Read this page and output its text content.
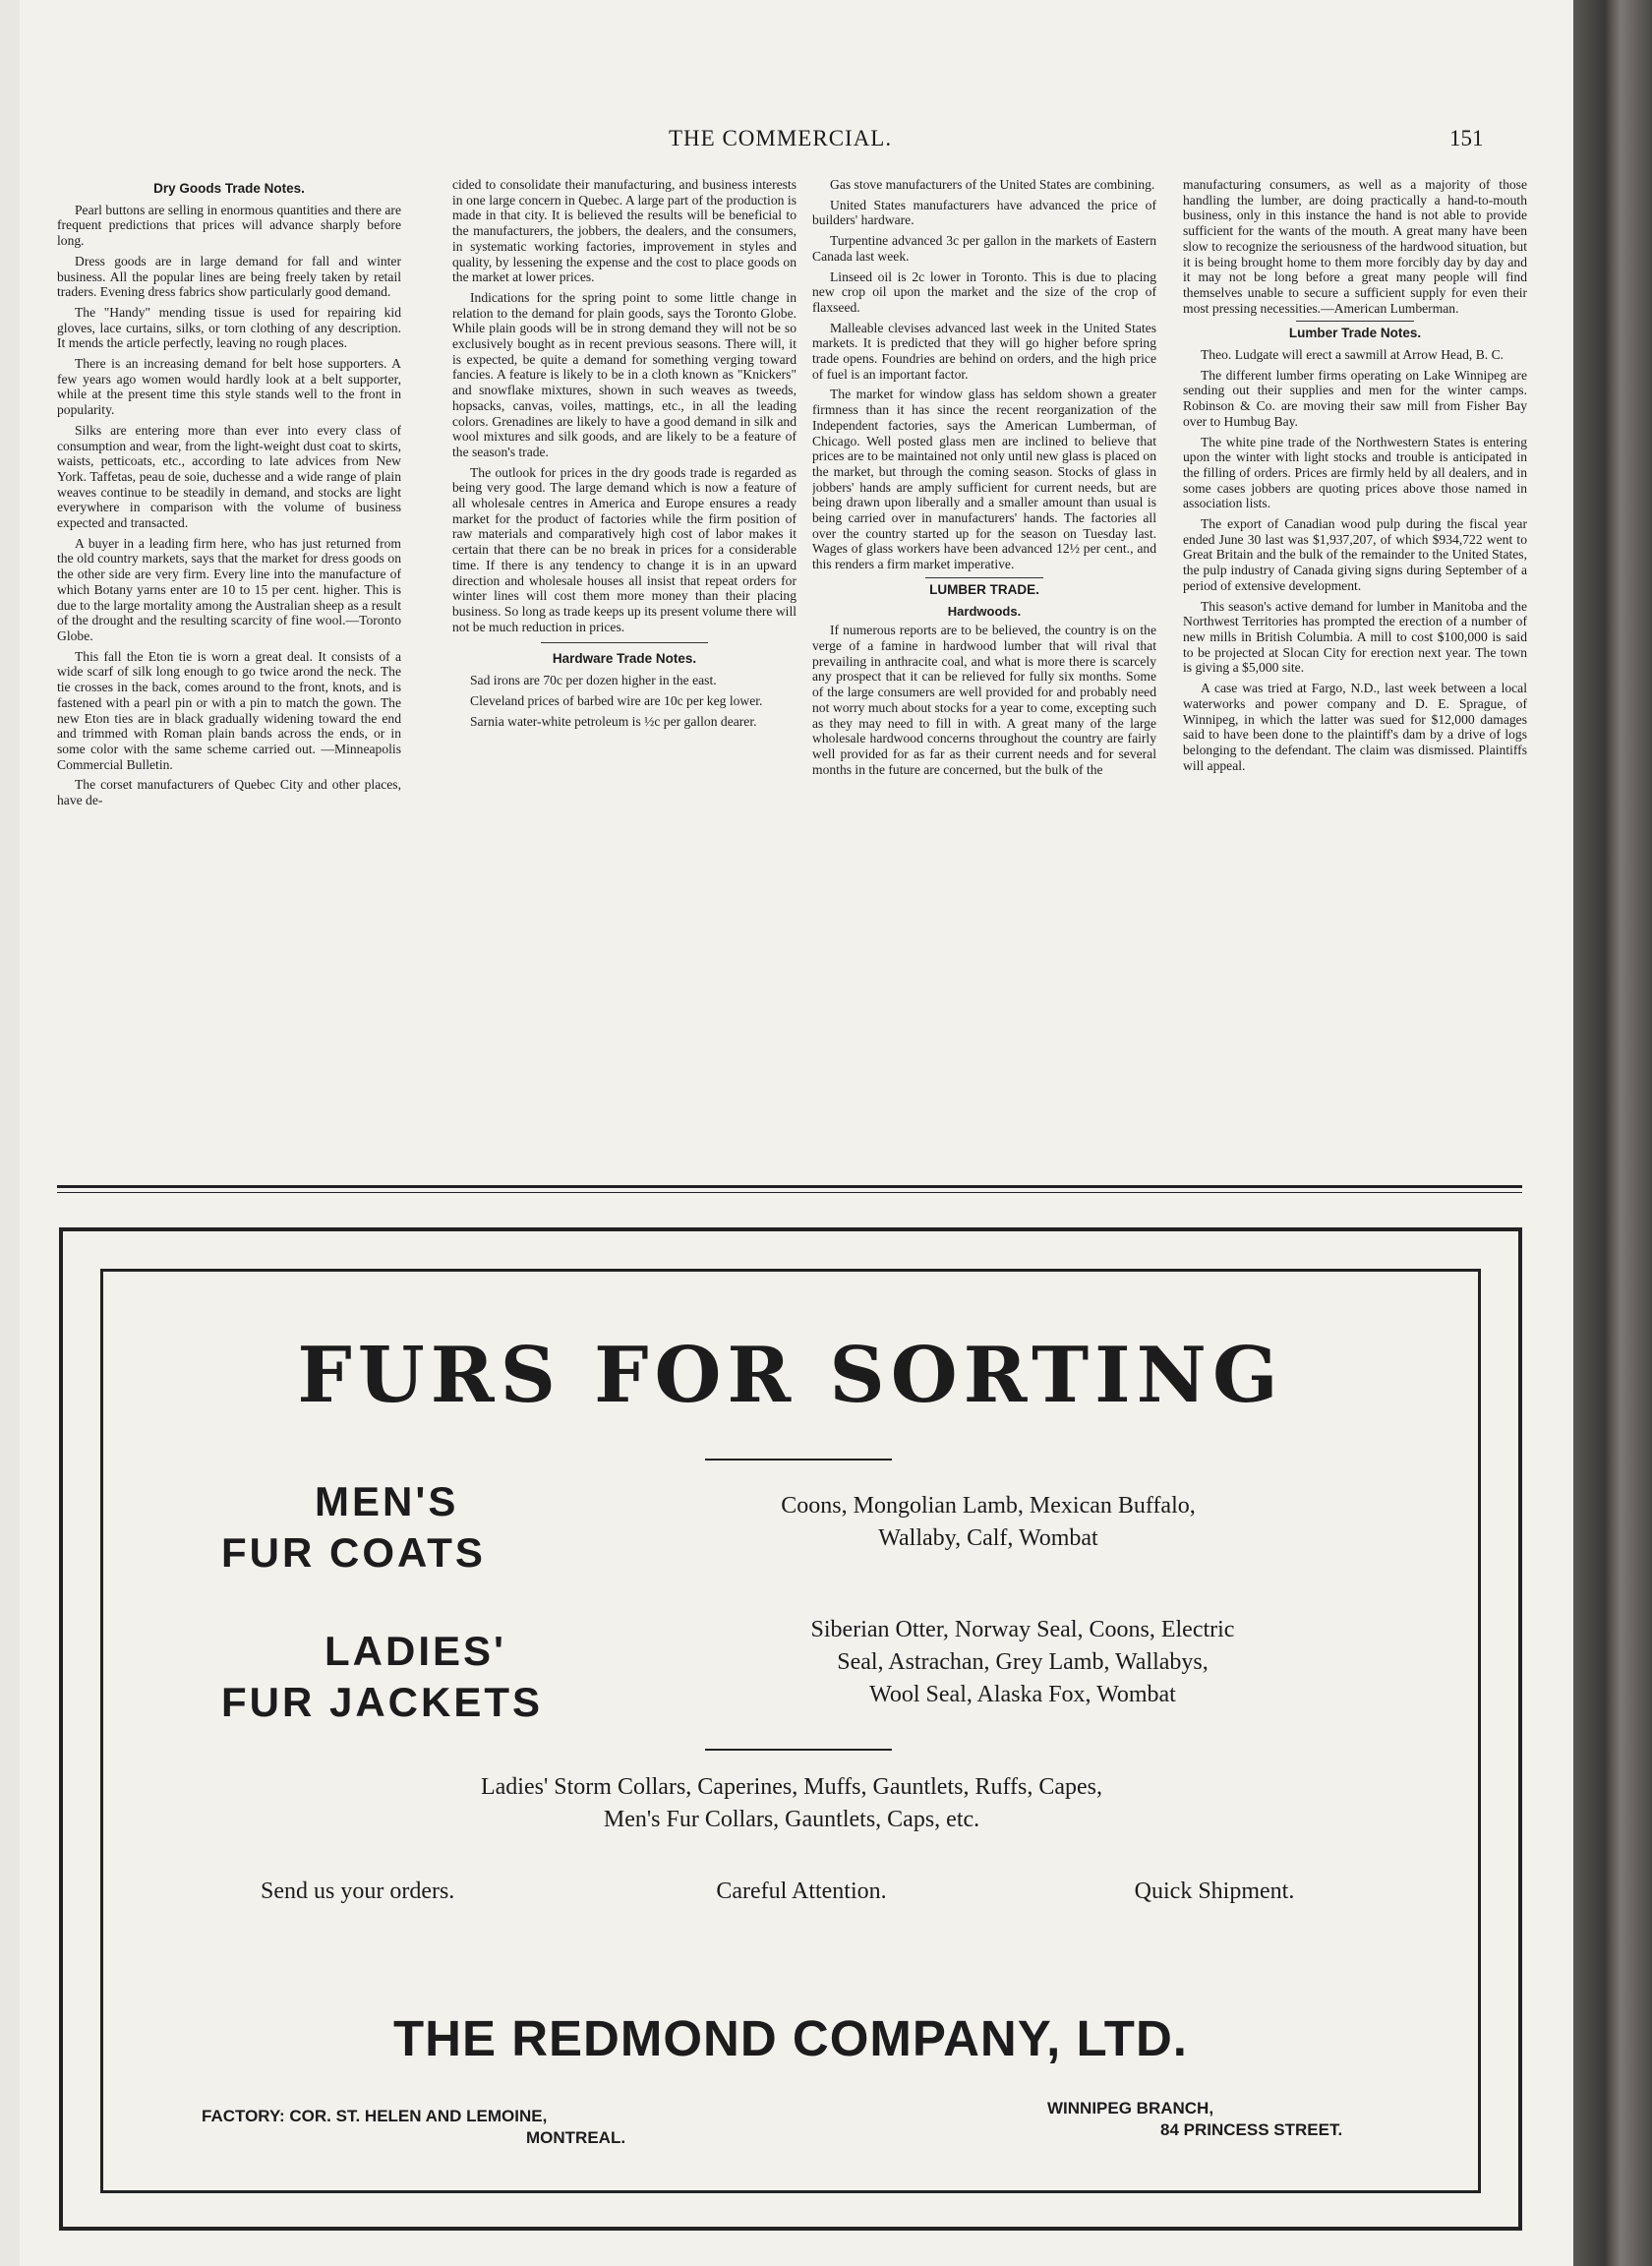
THE COMMERCIAL.	151
Dry Goods Trade Notes.

Pearl buttons are selling in enormous quantities and there are frequent predictions that prices will advance sharply before long.

Dress goods are in large demand for fall and winter business. All the popular lines are being freely taken by retail traders. Evening dress fabrics show particularly good demand.

The "Handy" mending tissue is used for repairing kid gloves, lace curtains, silks, or torn clothing of any description. It mends the article perfectly, leaving no rough places.

There is an increasing demand for belt hose supporters. A few years ago women would hardly look at a belt supporter, while at the present time this style stands well to the front in popularity.

Silks are entering more than ever into every class of consumption and wear, from the light-weight dust coat to skirts, waists, petticoats, etc., according to late advices from New York. Taffetas, peau de soie, duchesse and a wide range of plain weaves continue to be steadily in demand, and stocks are light everywhere in comparison with the volume of business expected and transacted.

A buyer in a leading firm here, who has just returned from the old country markets, says that the market for dress goods on the other side are very firm. Every line into the manufacture of which Botany yarns enter are 10 to 15 per cent. higher. This is due to the large mortality among the Australian sheep as a result of the drought and the resulting scarcity of fine wool.—Toronto Globe.

This fall the Eton tie is worn a great deal. It consists of a wide scarf of silk long enough to go twice arond the neck. The tie crosses in the back, comes around to the front, knots, and is fastened with a pearl pin or with a pin to match the gown. The new Eton ties are in black gradually widening toward the end and trimmed with Roman plain bands across the ends, or in some color with the same scheme carried out. —Minneapolis Commercial Bulletin.

The corset manufacturers of Quebec City and other places, have de-

cided to consolidate their manufacturing, and business interests in one large concern in Quebec. A large part of the production is made in that city. It is believed the results will be beneficial to the manufacturers, the jobbers, the dealers, and the consumers, in systematic working factories, improvement in styles and quality, by lessening the expense and the cost to place goods on the market at lower prices.

Indications for the spring point to some little change in relation to the demand for plain goods, says the Toronto Globe. While plain goods will be in strong demand they will not be so exclusively bought as in recent previous seasons. There will, it is expected, be quite a demand for something verging toward fancies. A feature is likely to be in a cloth known as "Knickers" and snowflake mixtures, shown in such weaves as tweeds, hopsacks, canvas, voiles, mattings, etc., in all the leading colors. Grenadines are likely to have a good demand in silk and wool mixtures and silk goods, and are likely to be a feature of the season's trade.

The outlook for prices in the dry goods trade is regarded as being very good. The large demand which is now a feature of all wholesale centres in America and Europe ensures a ready market for the product of factories while the firm position of raw materials and comparatively high cost of labor makes it certain that there can be no break in prices for a considerable time. If there is any tendency to change it is in an upward direction and wholesale houses all insist that repeat orders for winter lines will cost them more money than their placing business. So long as trade keeps up its present volume there will not be much reduction in prices.

Hardware Trade Notes.

Sad irons are 70c per dozen higher in the east.

Cleveland prices of barbed wire are 10c per keg lower.

Sarnia water-white petroleum is ½c per gallon dearer.

Gas stove manufacturers of the United States are combining.

United States manufacturers have advanced the price of builders' hardware.

Turpentine advanced 3c per gallon in the markets of Eastern Canada last week.

Linseed oil is 2c lower in Toronto. This is due to placing new crop oil upon the market and the size of the crop of flaxseed.

Malleable clevises advanced last week in the United States markets. It is predicted that they will go higher before spring trade opens. Foundries are behind on orders, and the high price of fuel is an important factor.

The market for window glass has seldom shown a greater firmness than it has since the recent reorganization of the Independent factories, says the American Lumberman, of Chicago. Well posted glass men are inclined to believe that prices are to be maintained not only until new glass is placed on the market, but through the coming season. Stocks of glass in jobbers' hands are amply sufficient for current needs, but are being drawn upon liberally and a smaller amount than usual is being carried over in manufacturers' hands. The factories all over the country started up for the season on Tuesday last. Wages of glass workers have been advanced 12½ per cent., and this renders a firm market imperative.

LUMBER TRADE.
Hardwoods.

If numerous reports are to be believed, the country is on the verge of a famine in hardwood lumber that will rival that prevailing in anthracite coal, and what is more there is scarcely any prospect that it can be relieved for fully six months. Some of the large consumers are well provided for and probably need not worry much about stocks for a year to come, excepting such as they may need to fill in with. A great many of the large wholesale hardwood concerns throughout the country are fairly well provided for as far as their current needs and for several months in the future are concerned, but the bulk of the

manufacturing consumers, as well as a majority of those handling the lumber, are doing practically a hand-to-mouth business, only in this instance the hand is not able to provide sufficient for the wants of the mouth. A great many have been slow to recognize the seriousness of the hardwood situation, but it is being brought home to them more forcibly day by day and it may not be long before a great many people will find themselves unable to secure a sufficient supply for even their most pressing necessities.—American Lumberman.

Lumber Trade Notes.

Theo. Ludgate will erect a sawmill at Arrow Head, B. C.

The different lumber firms operating on Lake Winnipeg are sending out their supplies and men for the winter camps. Robinson & Co. are moving their saw mill from Fisher Bay over to Humbug Bay.

The white pine trade of the Northwestern States is entering upon the winter with light stocks and trouble is anticipated in the filling of orders. Prices are firmly held by all dealers, and in some cases jobbers are quoting prices above those named in association lists.

The export of Canadian wood pulp during the fiscal year ended June 30 last was $1,937,207, of which $934,722 went to Great Britain and the bulk of the remainder to the United States, the pulp industry of Canada giving signs during September of a period of extensive development.

This season's active demand for lumber in Manitoba and the Northwest Territories has prompted the erection of a number of new mills in British Columbia. A mill to cost $100,000 is said to be projected at Slocan City for erection next year. The town is giving a $5,000 site.

A case was tried at Fargo, N.D., last week between a local waterworks and power company and D. E. Sprague, of Winnipeg, in which the latter was sued for $12,000 damages said to have been done to the plaintiff's dam by a drive of logs belonging to the defendant. The claim was dismissed. Plaintiffs will appeal.

FURS FOR SORTING
MEN'S
FUR COATS
Coons, Mongolian Lamb, Mexican Buffalo,
Wallaby, Calf, Wombat
LADIES'
FUR JACKETS
Siberian Otter, Norway Seal, Coons, Electric
Seal, Astrachan, Grey Lamb, Wallabys,
Wool Seal, Alaska Fox, Wombat
Ladies' Storm Collars, Caperines, Muffs, Gauntlets, Ruffs, Capes,
Men's Fur Collars, Gauntlets, Caps, etc.
Send us your orders.	Careful Attention.	Quick Shipment.
THE REDMOND COMPANY, LTD.
FACTORY: COR. ST. HELEN AND LEMOINE,
MONTREAL.
WINNIPEG BRANCH,
84 PRINCESS STREET.
